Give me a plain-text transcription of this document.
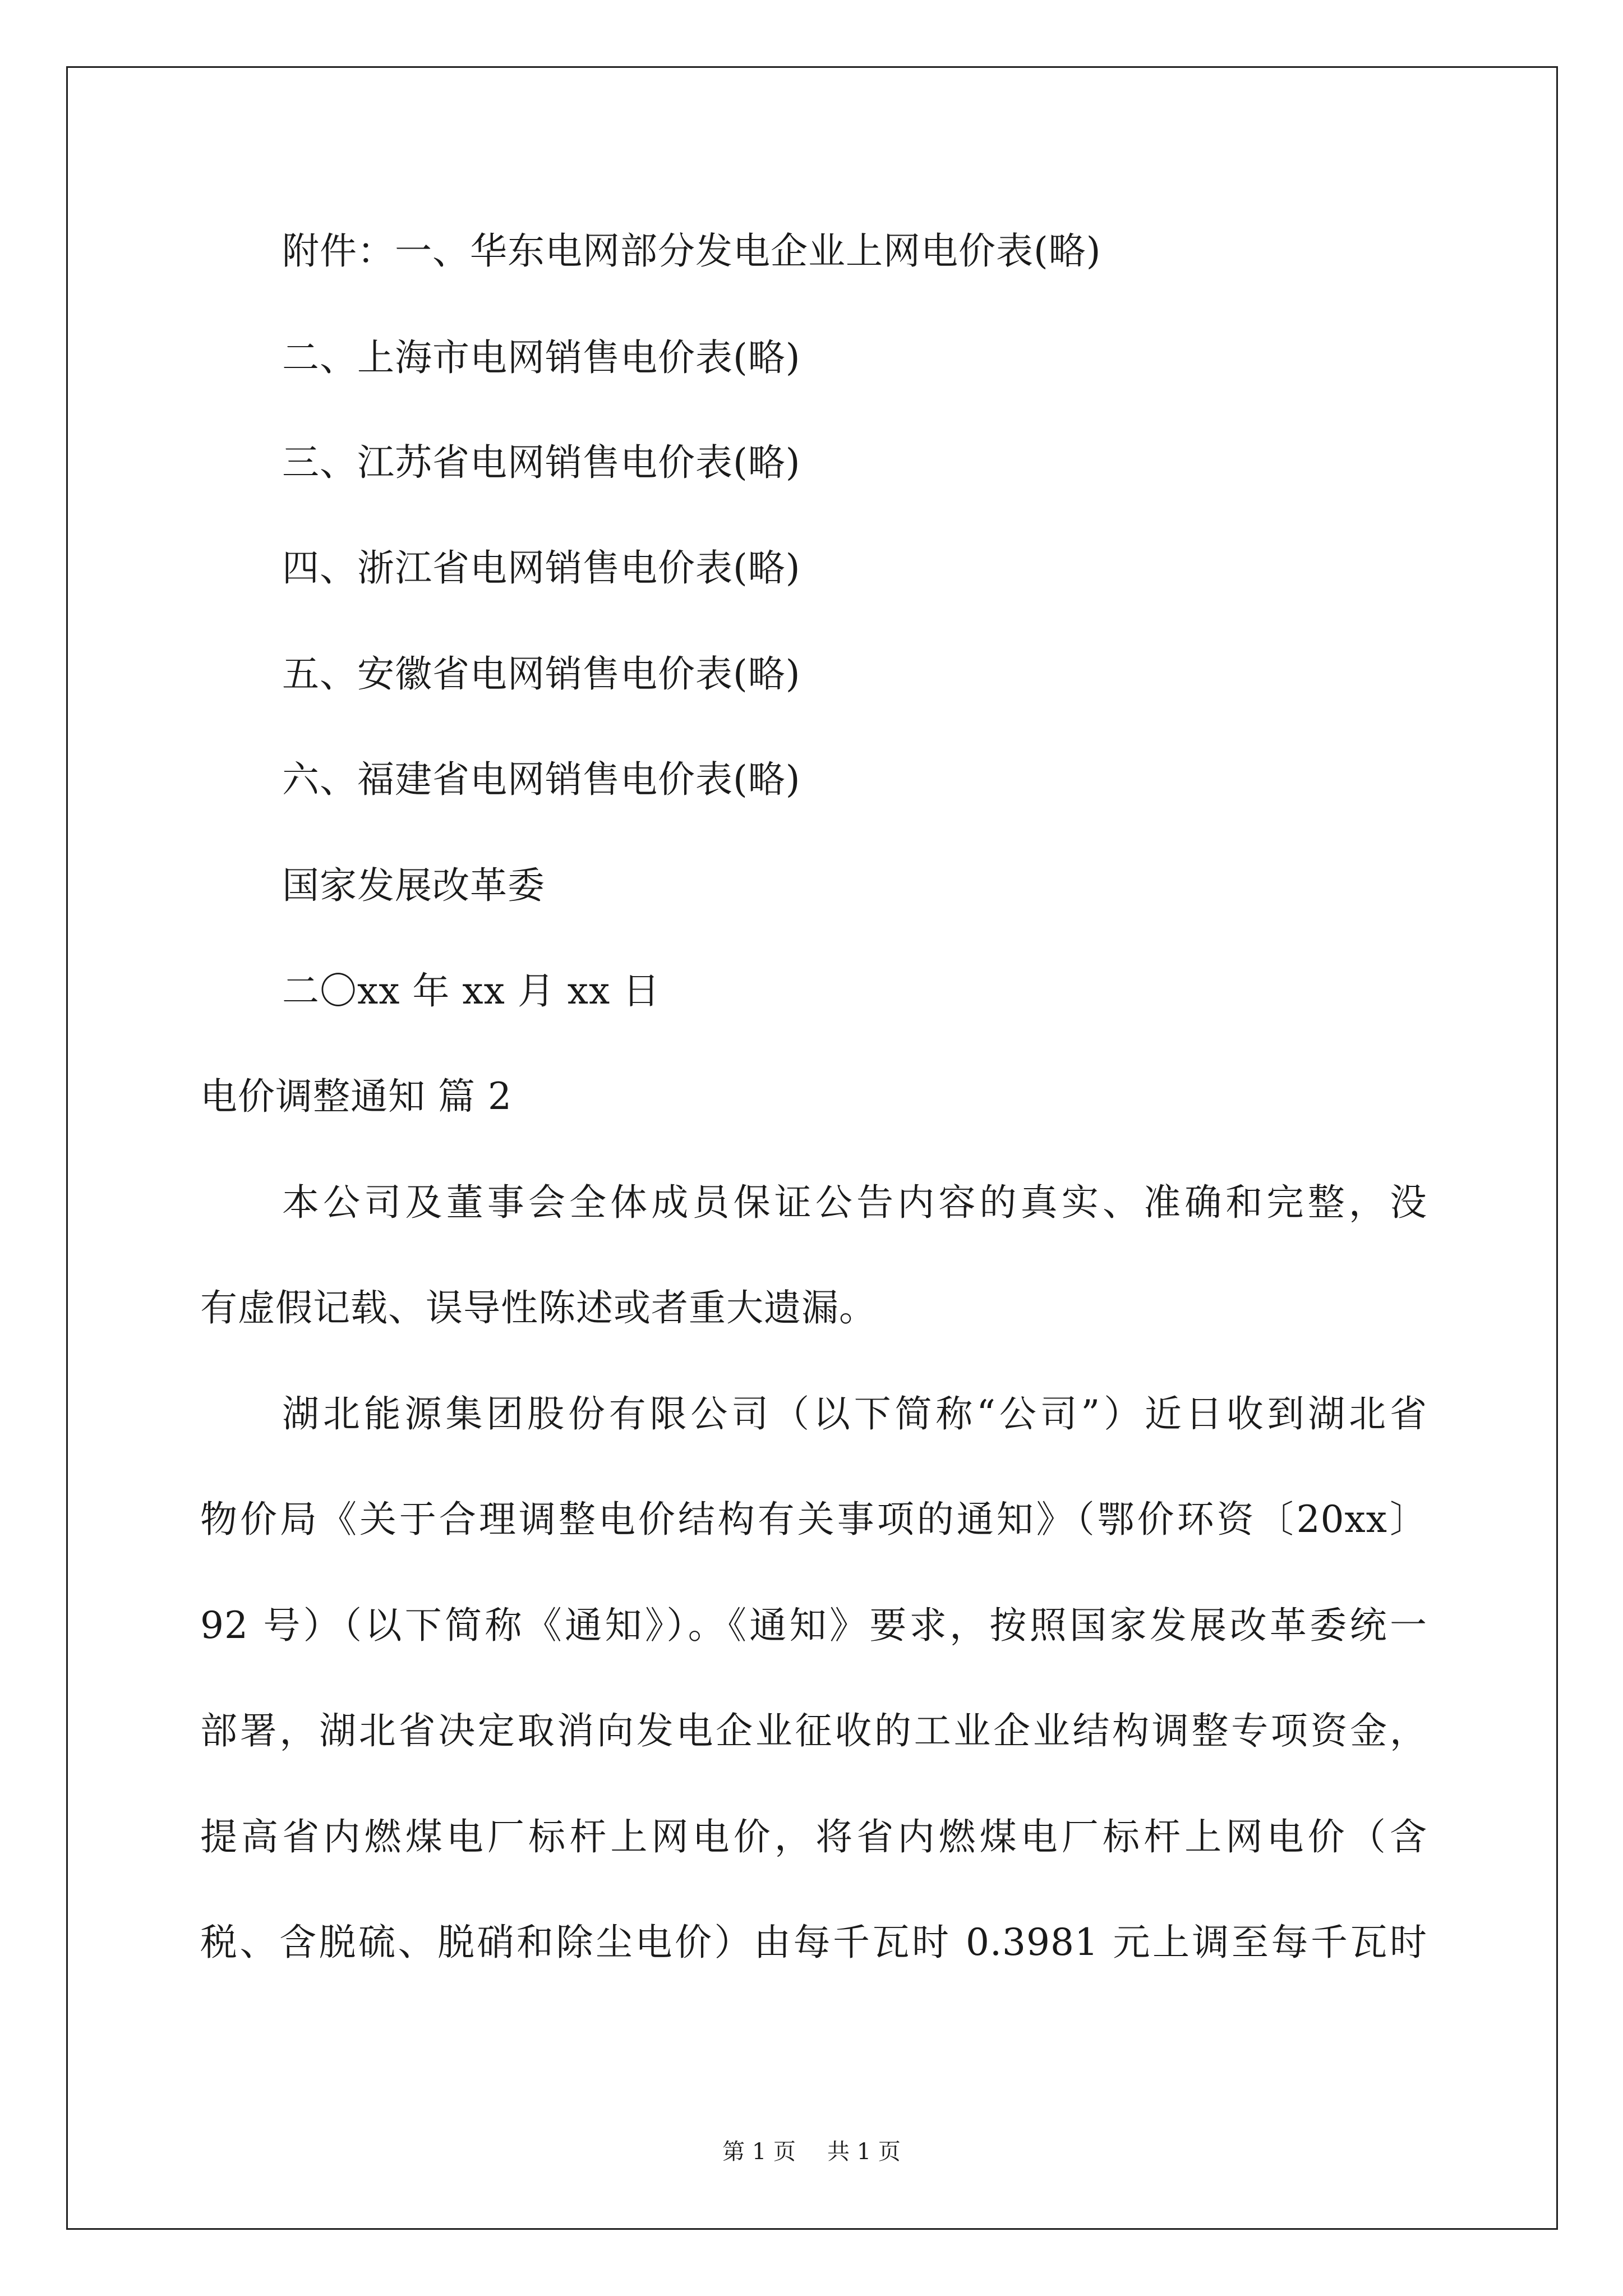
附件：一、华东电网部分发电企业上网电价表(略)
二、上海市电网销售电价表(略)
三、江苏省电网销售电价表(略)
四、浙江省电网销售电价表(略)
五、安徽省电网销售电价表(略)
六、福建省电网销售电价表(略)
国家发展改革委
二〇xx 年 xx 月 xx 日
电价调整通知 篇 2
本公司及董事会全体成员保证公告内容的真实、准确和完整，没
有虚假记载、误导性陈述或者重大遗漏。
湖北能源集团股份有限公司（以下简称“公司”）近日收到湖北省
物价局《关于合理调整电价结构有关事项的通知》（鄂价环资〔20xx〕
92 号）（以下简称《通知》）。《通知》要求，按照国家发展改革委统一
部署，湖北省决定取消向发电企业征收的工业企业结构调整专项资金，
提高省内燃煤电厂标杆上网电价，将省内燃煤电厂标杆上网电价（含
税、含脱硫、脱硝和除尘电价）由每千瓦时 0.3981 元上调至每千瓦时
第 1 页 共 1 页
